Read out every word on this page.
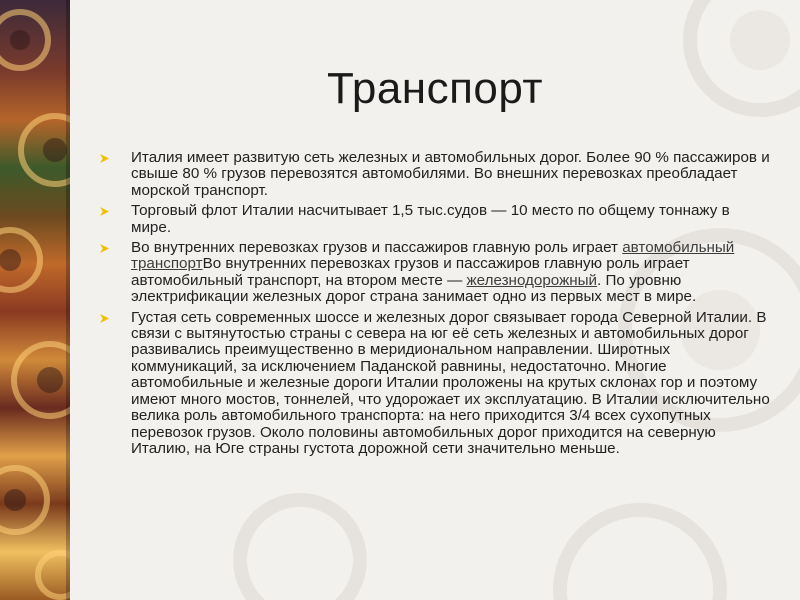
Транспорт
Италия имеет развитую сеть железных и автомобильных дорог. Более 90 % пассажиров и свыше 80 % грузов перевозятся автомобилями. Во внешних перевозках преобладает морской транспорт.
Торговый флот Италии насчитывает 1,5 тыс.судов — 10 место по общему тоннажу в мире.
Во внутренних перевозках грузов и пассажиров главную роль играет автомобильный транспортВо внутренних перевозках грузов и пассажиров главную роль играет автомобильный транспорт, на втором месте — железнодорожный. По уровню электрификации железных дорог страна занимает одно из первых мест в мире.
Густая сеть современных шоссе и железных дорог связывает города Северной Италии. В связи с вытянутостью страны с севера на юг её сеть железных и автомобильных дорог развивались преимущественно в меридиональном направлении. Широтных коммуникаций, за исключением Паданской равнины, недостаточно. Многие автомобильные и железные дороги Италии проложены на крутых склонах гор и поэтому имеют много мостов, тоннелей, что удорожает их эксплуатацию. В Италии исключительно велика роль автомобильного транспорта: на него приходится 3/4 всех сухопутных перевозок грузов. Около половины автомобильных дорог приходится на северную Италию, на Юге страны густота дорожной сети значительно меньше.
